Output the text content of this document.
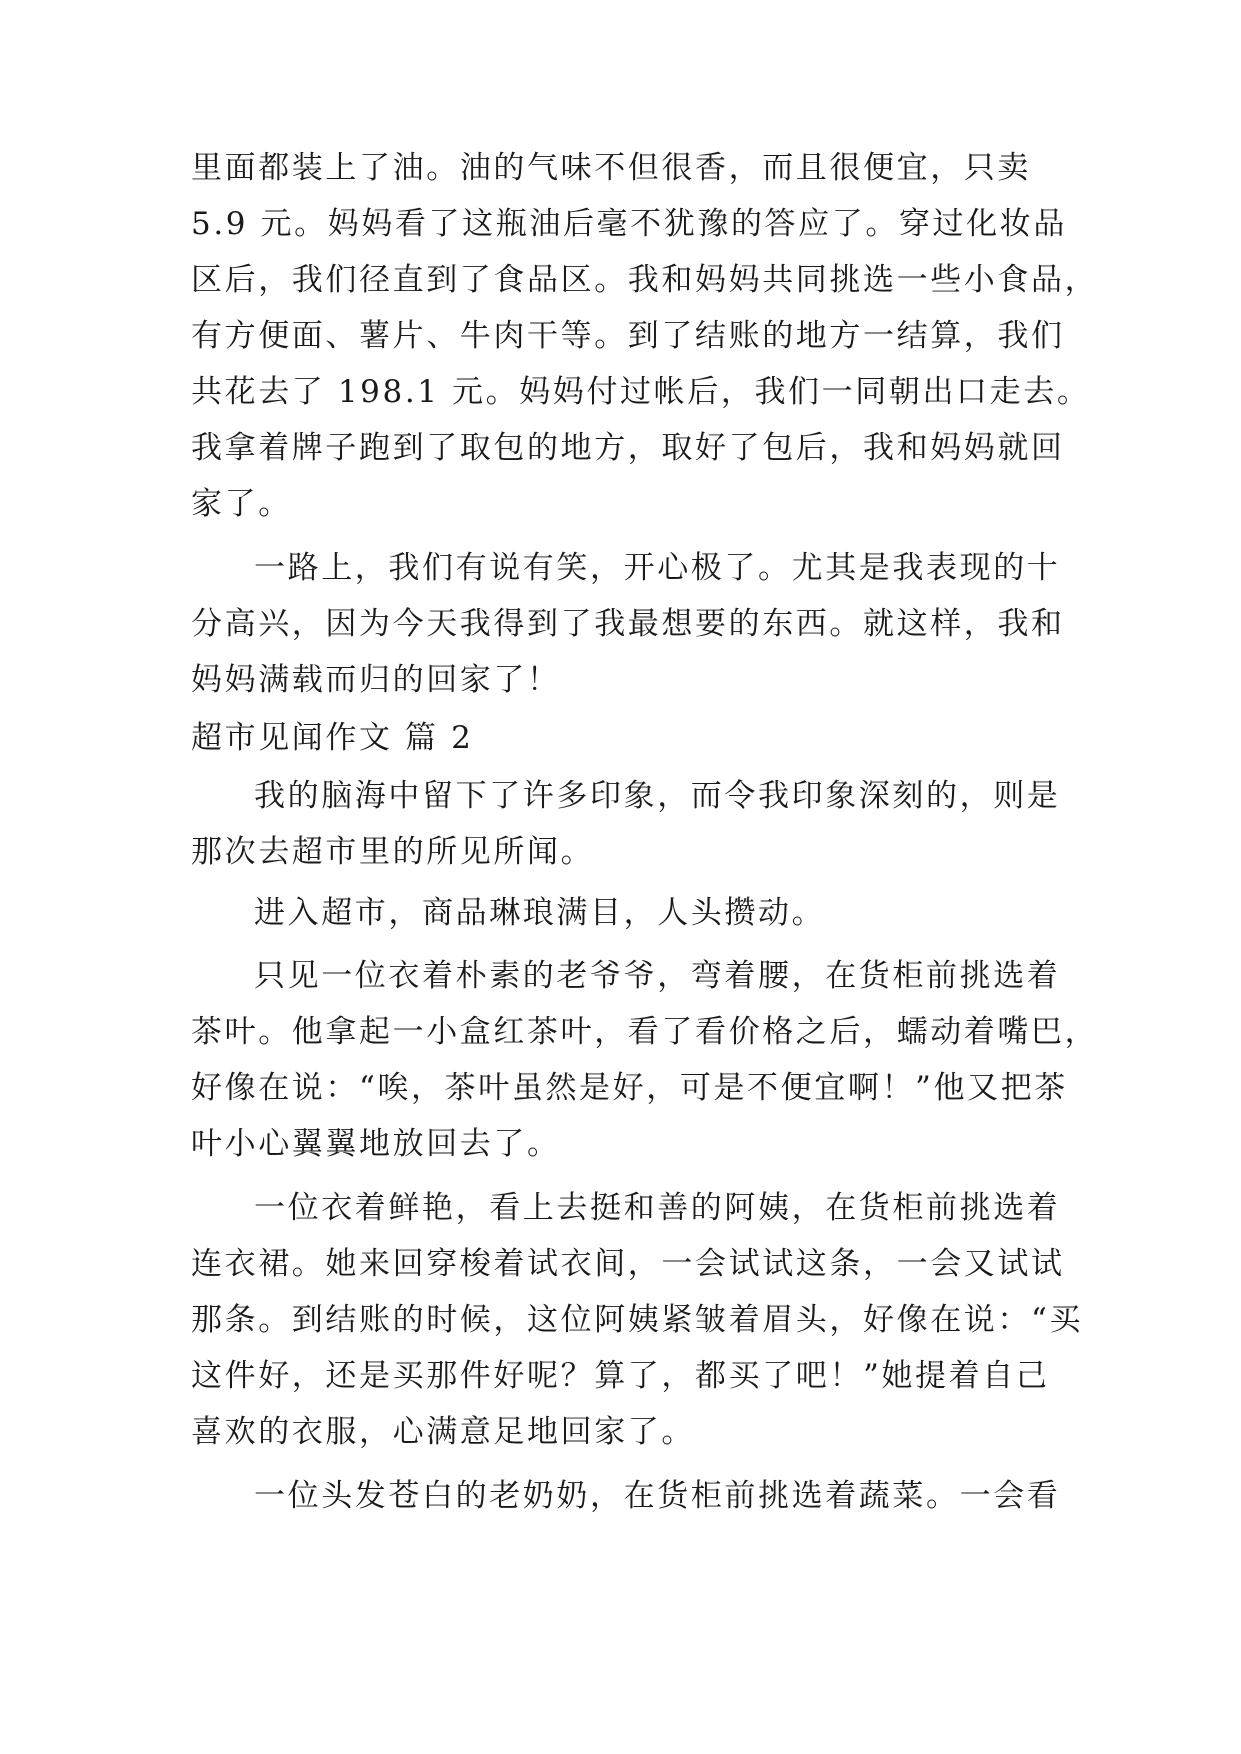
里面都装上了油。油的气味不但很香，而且很便宜，只卖
5.9 元。妈妈看了这瓶油后毫不犹豫的答应了。穿过化妆品
区后，我们径直到了食品区。我和妈妈共同挑选一些小食品，
有方便面、薯片、牛肉干等。到了结账的地方一结算，我们
共花去了 198.1 元。妈妈付过帐后，我们一同朝出口走去。
我拿着牌子跑到了取包的地方，取好了包后，我和妈妈就回
家了。
一路上，我们有说有笑，开心极了。尤其是我表现的十
分高兴，因为今天我得到了我最想要的东西。就这样，我和
妈妈满载而归的回家了！
超市见闻作文 篇 2
我的脑海中留下了许多印象，而令我印象深刻的，则是
那次去超市里的所见所闻。
进入超市，商品琳琅满目，人头攒动。
只见一位衣着朴素的老爷爷，弯着腰，在货柜前挑选着
茶叶。他拿起一小盒红茶叶，看了看价格之后，蠕动着嘴巴，
好像在说：“唉，茶叶虽然是好，可是不便宜啊！”他又把茶
叶小心翼翼地放回去了。
一位衣着鲜艳，看上去挺和善的阿姨，在货柜前挑选着
连衣裙。她来回穿梭着试衣间，一会试试这条，一会又试试
那条。到结账的时候，这位阿姨紧皱着眉头，好像在说：“买
这件好，还是买那件好呢？算了，都买了吧！”她提着自己
喜欢的衣服，心满意足地回家了。
一位头发苍白的老奶奶，在货柜前挑选着蔬菜。一会看
